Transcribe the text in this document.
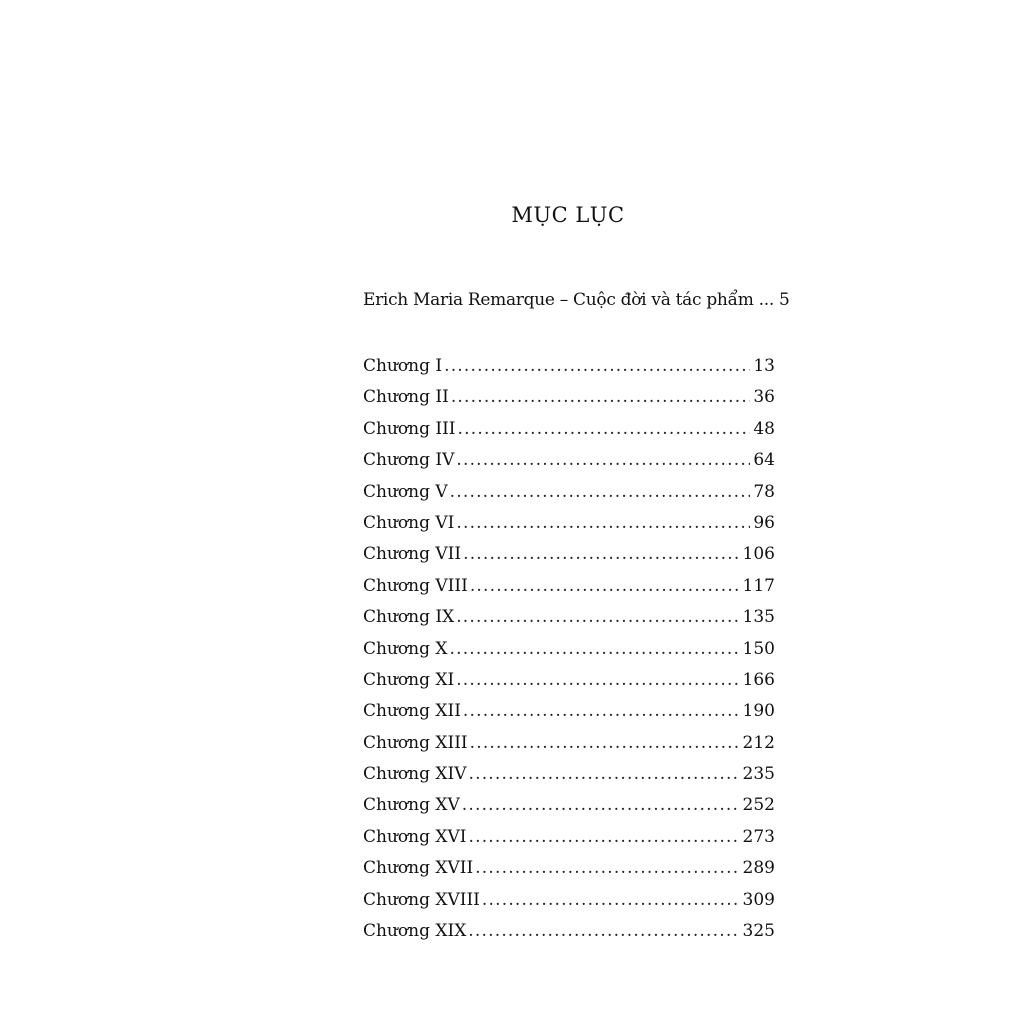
MỤC LỤC
Erich Maria Remarque – Cuộc đời và tác phẩm ... 5
Chương I .....	13
Chương II .....	36
Chương III .....	48
Chương IV .....	64
Chương V .....	78
Chương VI .....	96
Chương VII .....	106
Chương VIII .....	117
Chương IX .....	135
Chương X .....	150
Chương XI .....	166
Chương XII .....	190
Chương XIII .....	212
Chương XIV .....	235
Chương XV .....	252
Chương XVI .....	273
Chương XVII .....	289
Chương XVIII .....	309
Chương XIX .....	325
